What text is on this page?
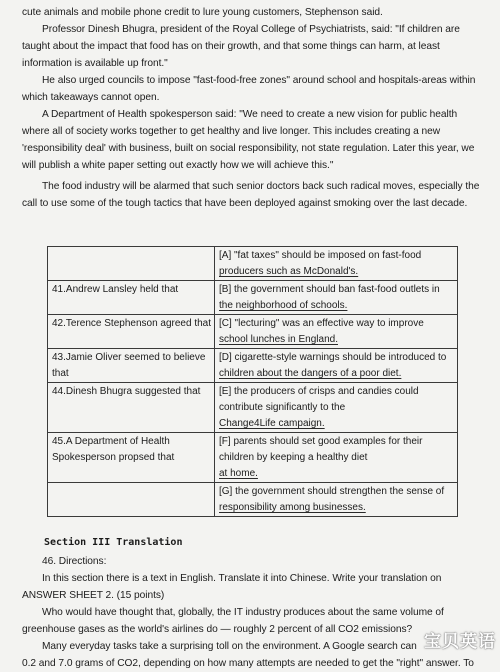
cute animals and mobile phone credit to lure young customers, Stephenson said.

Professor Dinesh Bhugra, president of the Royal College of Psychiatrists, said: "If children are taught about the impact that food has on their growth, and that some things can harm, at least information is available up front."

He also urged councils to impose "fast-food-free zones" around school and hospitals-areas within which takeaways cannot open.

A Department of Health spokesperson said: "We need to create a new vision for public health where all of society works together to get healthy and live longer. This includes creating a new 'responsibility deal' with business, built on social responsibility, not state regulation. Later this year, we will publish a white paper setting out exactly how we will achieve this."

The food industry will be alarmed that such senior doctors back such radical moves, especially the call to use some of the tough tactics that have been deployed against smoking over the last decade.

	[A] "fat taxes" should be imposed on fast-food
producers such as McDonald's.

41.Andrew Lansley held that	[B] the government should ban fast-food outlets in
the neighborhood of schools.

42.Terence Stephenson agreed that	[C] "lecturing" was an effective way to improve
school lunches in England.

43.Jamie Oliver seemed to believe that	[D] cigarette-style warnings should be introduced to
children about the dangers of a poor diet.

44.Dinesh Bhugra suggested that	[E] the producers of crisps and candies could
contribute significantly to the
Change4Life campaign.

45.A Department of Health Spokesperson propsed that	[F] parents should set good examples for their
children by keeping a healthy diet
at home.

	[G] the government should strengthen the sense of
responsibility among businesses.

Section III Translation

46. Directions:

In this section there is a text in English. Translate it into Chinese. Write your translation on ANSWER SHEET 2. (15 points)

Who would have thought that, globally, the IT industry produces about the same volume of greenhouse gases as the world's airlines do — roughly 2 percent of all CO2 emissions?

Many everyday tasks take a surprising toll on the environment. A Google search can

0.2 and 7.0 grams of CO2, depending on how many attempts are needed to get the "right" answer. To

宝贝英语
